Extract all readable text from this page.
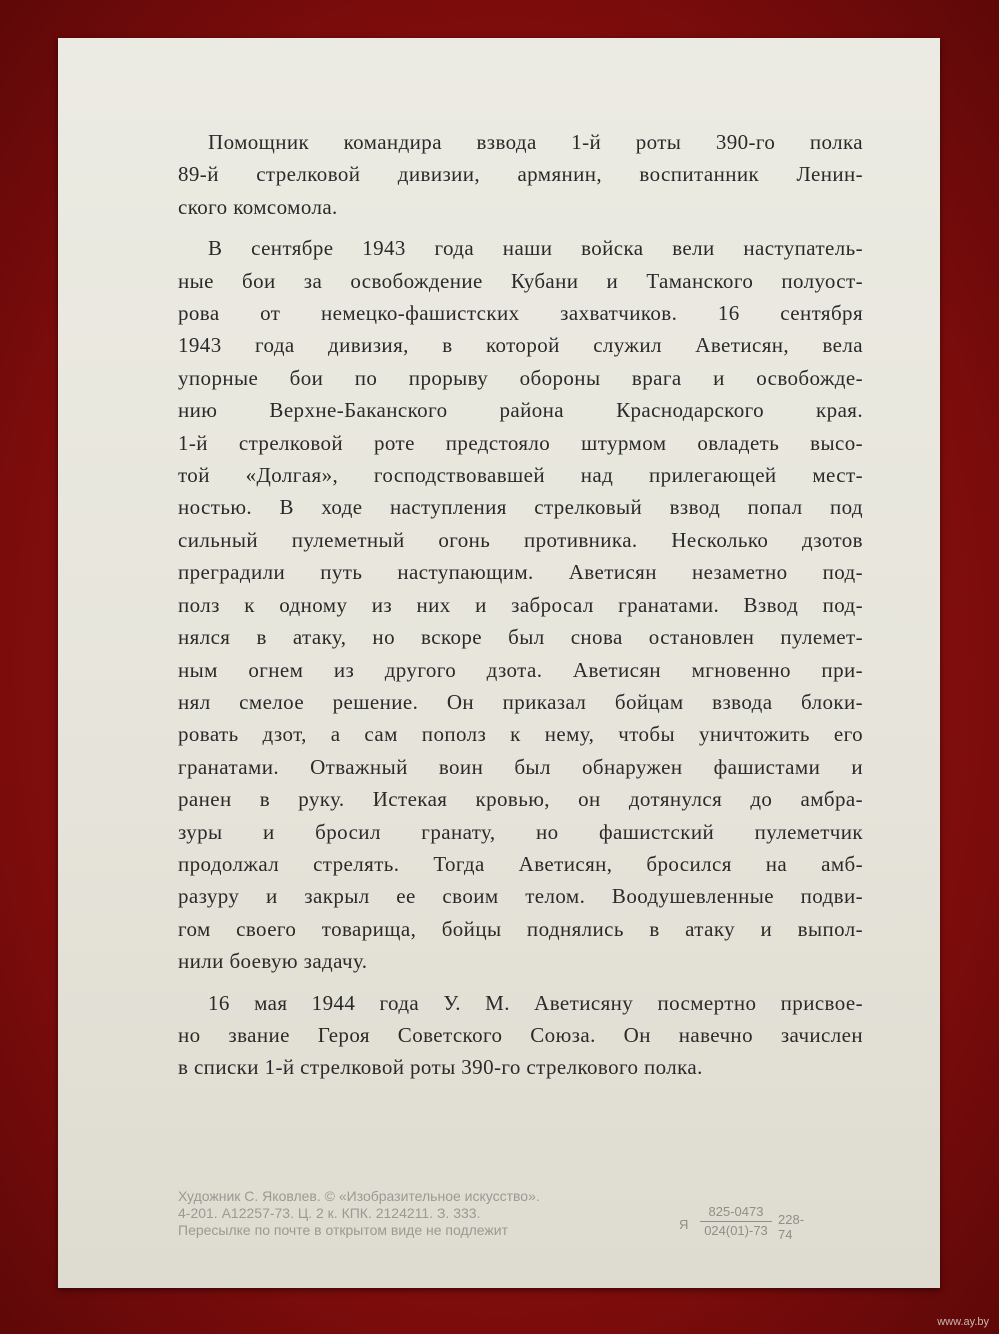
Помощник командира взвода 1-й роты 390-го полка
89-й стрелковой дивизии, армянин, воспитанник Ленин-
ского комсомола.
В сентябре 1943 года наши войска вели наступатель-
ные бои за освобождение Кубани и Таманского полуост-
рова от немецко-фашистских захватчиков. 16 сентября
1943 года дивизия, в которой служил Аветисян, вела
упорные бои по прорыву обороны врага и освобожде-
нию Верхне-Баканского района Краснодарского края.
1-й стрелковой роте предстояло штурмом овладеть высо-
той «Долгая», господствовавшей над прилегающей мест-
ностью. В ходе наступления стрелковый взвод попал под
сильный пулеметный огонь противника. Несколько дзотов
преградили путь наступающим. Аветисян незаметно под-
полз к одному из них и забросал гранатами. Взвод под-
нялся в атаку, но вскоре был снова остановлен пулемет-
ным огнем из другого дзота. Аветисян мгновенно при-
нял смелое решение. Он приказал бойцам взвода блоки-
ровать дзот, а сам пополз к нему, чтобы уничтожить его
гранатами. Отважный воин был обнаружен фашистами и
ранен в руку. Истекая кровью, он дотянулся до амбра-
зуры и бросил гранату, но фашистский пулеметчик
продолжал стрелять. Тогда Аветисян, бросился на амб-
разуру и закрыл ее своим телом. Воодушевленные подви-
гом своего товарища, бойцы поднялись в атаку и выпол-
нили боевую задачу.
16 мая 1944 года У. М. Аветисяну посмертно присвое-
но звание Героя Советского Союза. Он навечно зачислен
в списки 1-й стрелковой роты 390-го стрелкового полка.
Художник С. Яковлев. © «Изобразительное искусство».
4-201. А12257-73. Ц. 2 к. КПК. 2124211. З. 333.
Пересылке по почте в открытом виде не подлежит	Я
825-0473
024(01)-73
228-74
www.ay.by
